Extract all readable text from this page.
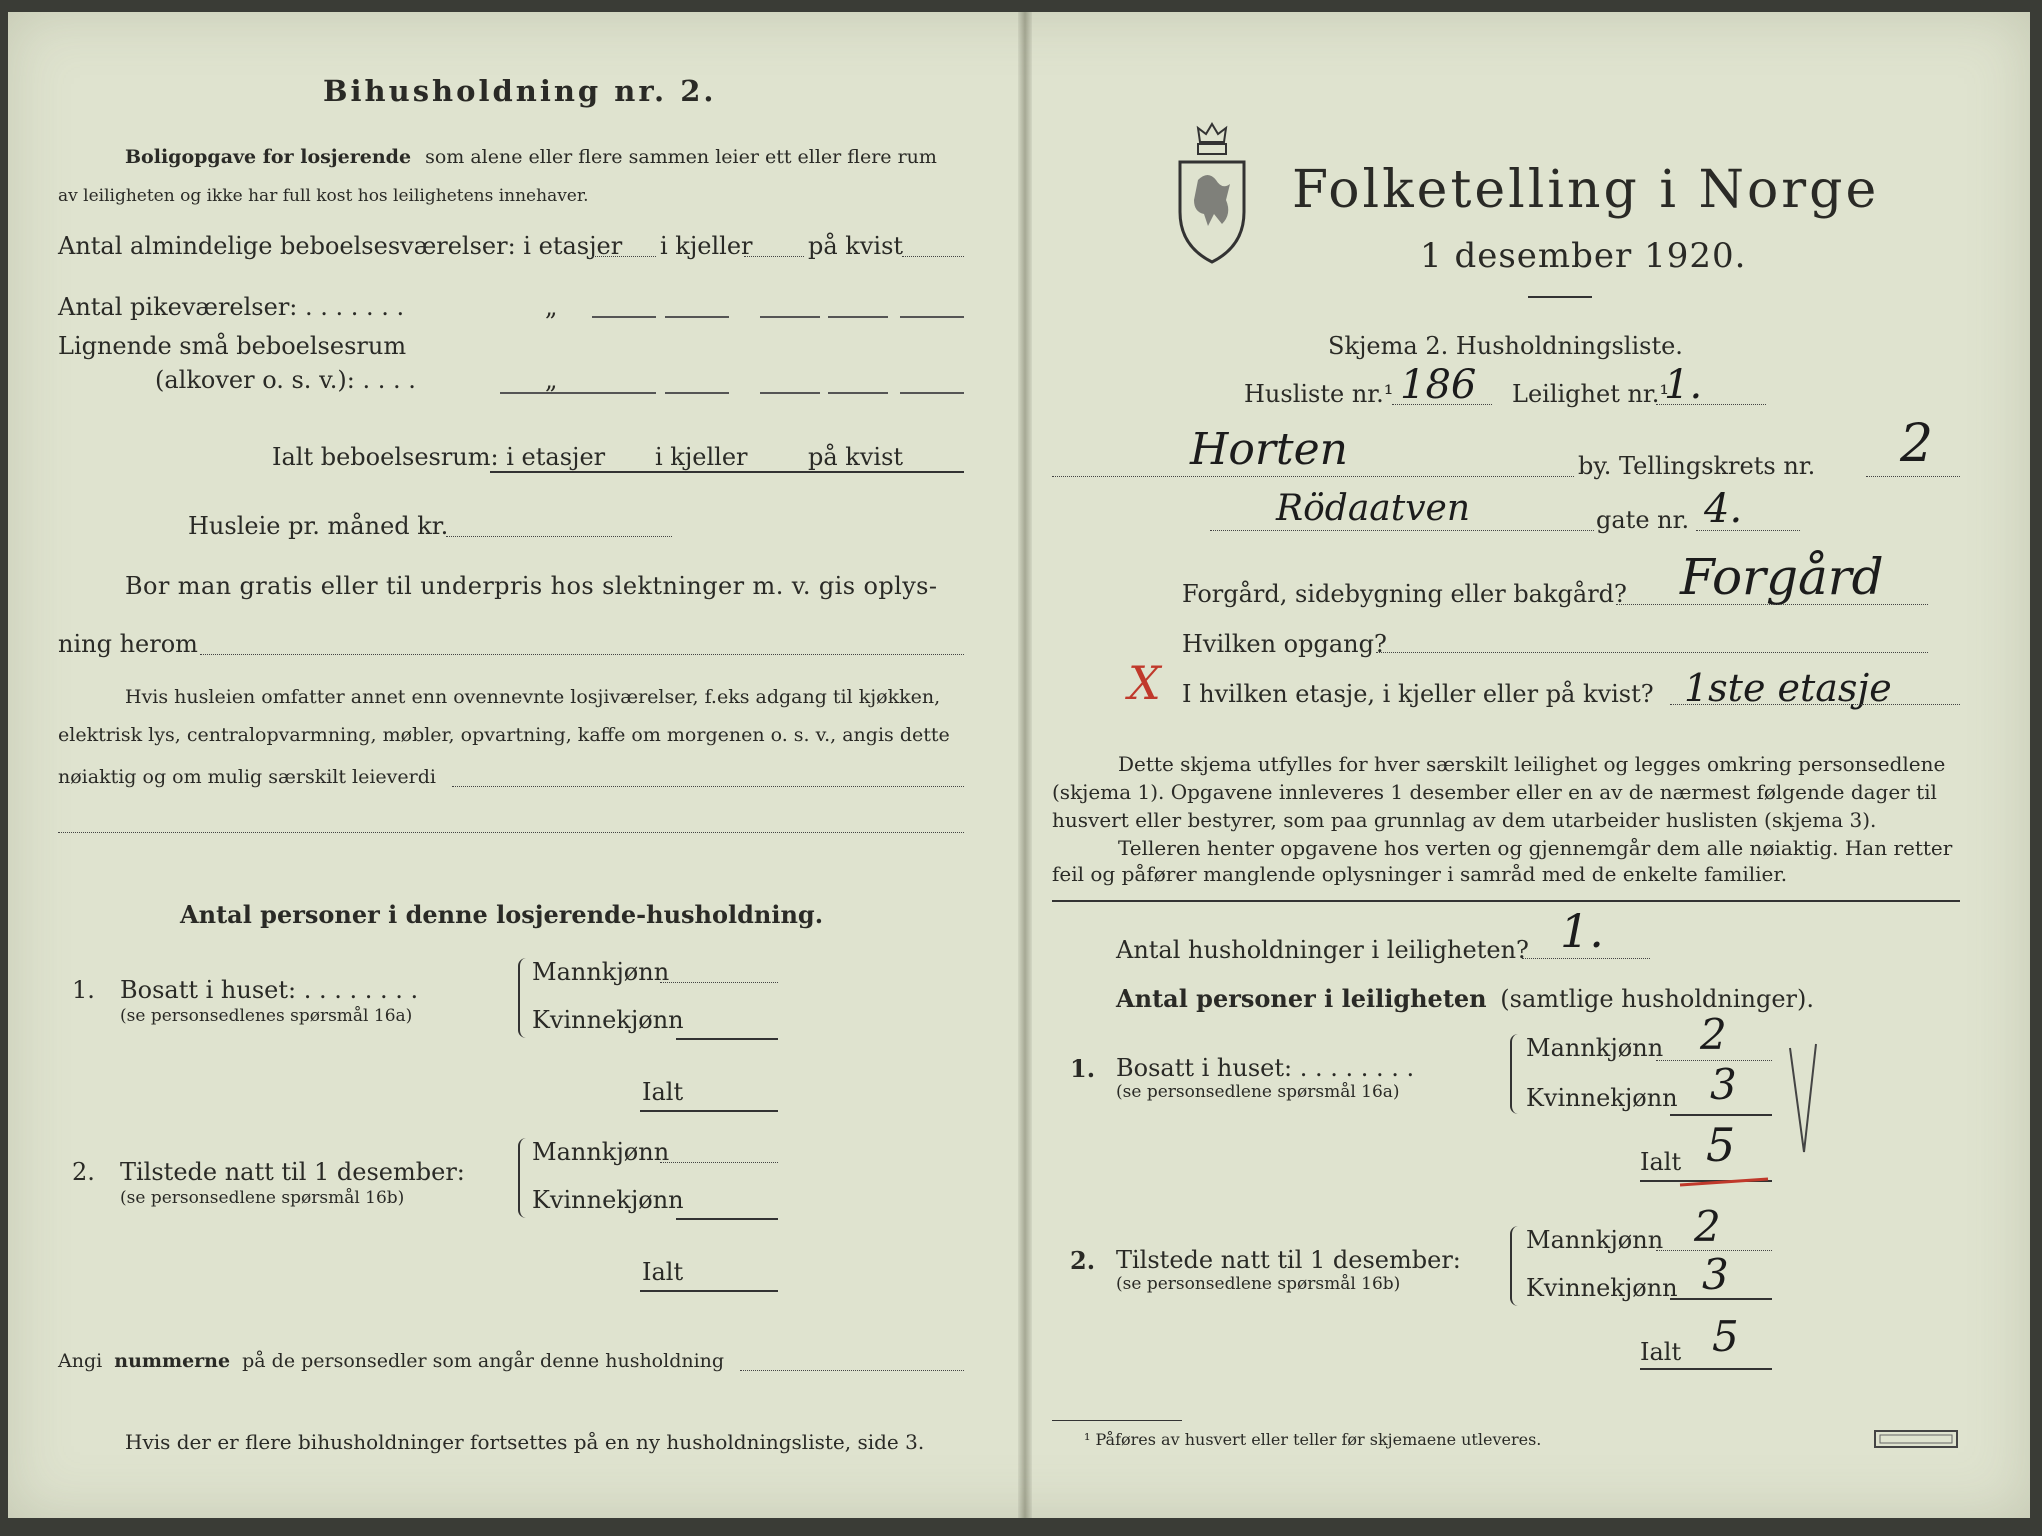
Bihusholdning nr. 2.
Boligopgave for losjerende som alene eller flere sammen leier ett eller flere rum
av leiligheten og ikke har full kost hos leilighetens innehaver.
Antal almindelige beboelsesværelser: i etasjer i kjeller på kvist
Antal pikeværelser: . . . . . . .	„
Lignende små beboelsesrum
(alkover o. s. v.): . . . .	„
Ialt beboelsesrum: i etasjer i kjeller	på kvist
Husleie pr. måned kr.
Bor man gratis eller til underpris hos slektninger m. v. gis oplys-
ning herom
Hvis husleien omfatter annet enn ovennevnte losjiværelser, f.eks adgang til kjøkken,
elektrisk lys, centralopvarmning, møbler, opvartning, kaffe om morgenen o. s. v., angis dette
nøiaktig og om mulig særskilt leieverdi
Antal personer i denne losjerende-husholdning.
1. Bosatt i huset: . . . . . . . .
(se personsedlenes spørsmål 16a)
Mannkjønn
Kvinnekjønn
Ialt
2. Tilstede natt til 1 desember:
(se personsedlene spørsmål 16b)
Mannkjønn
Kvinnekjønn
Ialt
Angi nummerne på de personsedler som angår denne husholdning
Hvis der er flere bihusholdninger fortsettes på en ny husholdningsliste, side 3.
Folketelling i Norge
1 desember 1920.
Skjema 2. Husholdningsliste.
Husliste nr.¹ 186 Leilighet nr.¹
1.
Horten	by. Tellingskrets nr. 2
Rödaatven	gate nr. 4.
Forgård, sidebygning eller bakgård? Forgård
Hvilken opgang?
X I hvilken etasje, i kjeller eller på kvist? 1ste etasje
Dette skjema utfylles for hver særskilt leilighet og legges omkring personsedlene
(skjema 1). Opgavene innleveres 1 desember eller en av de nærmest følgende dager til
husvert eller bestyrer, som paa grunnlag av dem utarbeider huslisten (skjema 3).
Telleren henter opgavene hos verten og gjennemgår dem alle nøiaktig. Han retter
feil og påfører manglende oplysninger i samråd med de enkelte familier.
Antal husholdninger i leiligheten? 1.
Antal personer i leiligheten (samtlige husholdninger).
1. Bosatt i huset: . . . . . . . .
(se personsedlene spørsmål 16a)
Mannkjønn 2
Kvinnekjønn 3
Ialt 5
2. Tilstede natt til 1 desember:
(se personsedlene spørsmål 16b)
Mannkjønn 2
Kvinnekjønn 3
Ialt 5
¹ Påføres av husvert eller teller før skjemaene utleveres.
